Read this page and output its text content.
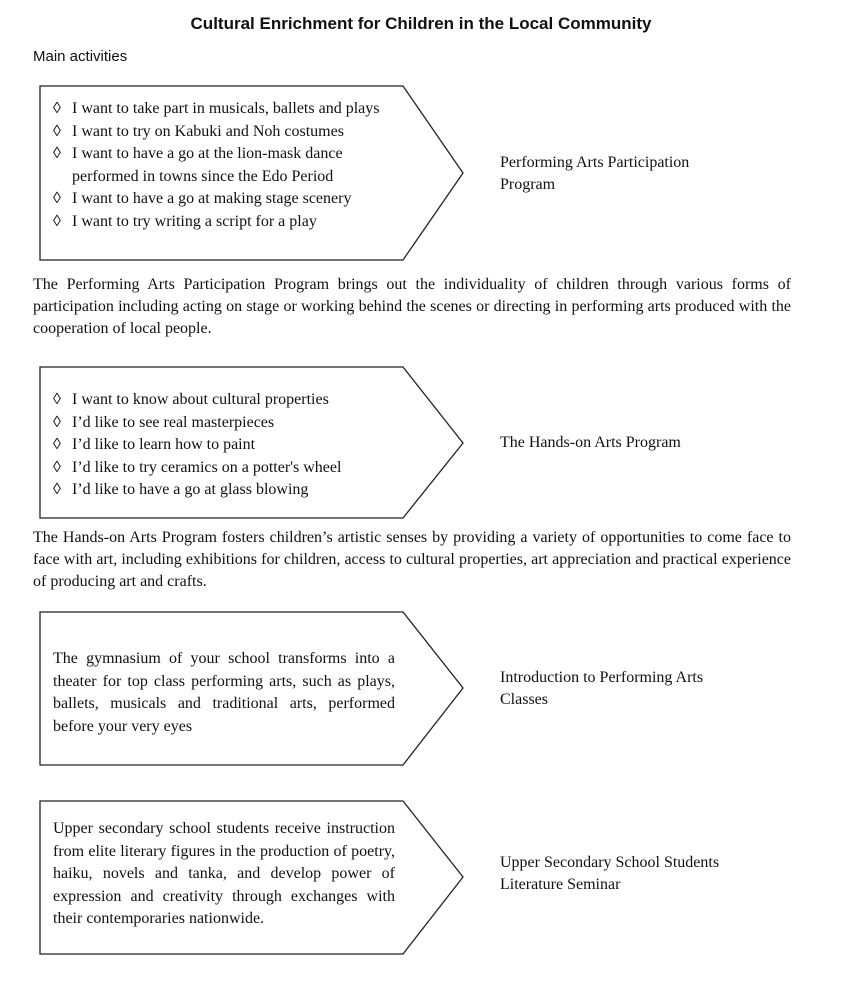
Cultural Enrichment for Children in the Local Community
Main activities
◊ I want to take part in musicals, ballets and plays
◊ I want to try on Kabuki and Noh costumes
◊ I want to have a go at the lion-mask dance performed in towns since the Edo Period
◊ I want to have a go at making stage scenery
◊ I want to try writing a script for a play
Performing Arts Participation Program
The Performing Arts Participation Program brings out the individuality of children through various forms of participation including acting on stage or working behind the scenes or directing in performing arts produced with the cooperation of local people.
◊ I want to know about cultural properties
◊ I’d like to see real masterpieces
◊ I’d like to learn how to paint
◊ I’d like to try ceramics on a potter's wheel
◊ I’d like to have a go at glass blowing
The Hands-on Arts Program
The Hands-on Arts Program fosters children’s artistic senses by providing a variety of opportunities to come face to face with art, including exhibitions for children, access to cultural properties, art appreciation and practical experience of producing art and crafts.
The gymnasium of your school transforms into a theater for top class performing arts, such as plays, ballets, musicals and traditional arts, performed before your very eyes
Introduction to Performing Arts Classes
Upper secondary school students receive instruction from elite literary figures in the production of poetry, haiku, novels and tanka, and develop power of expression and creativity through exchanges with their contemporaries nationwide.
Upper Secondary School Students Literature Seminar
